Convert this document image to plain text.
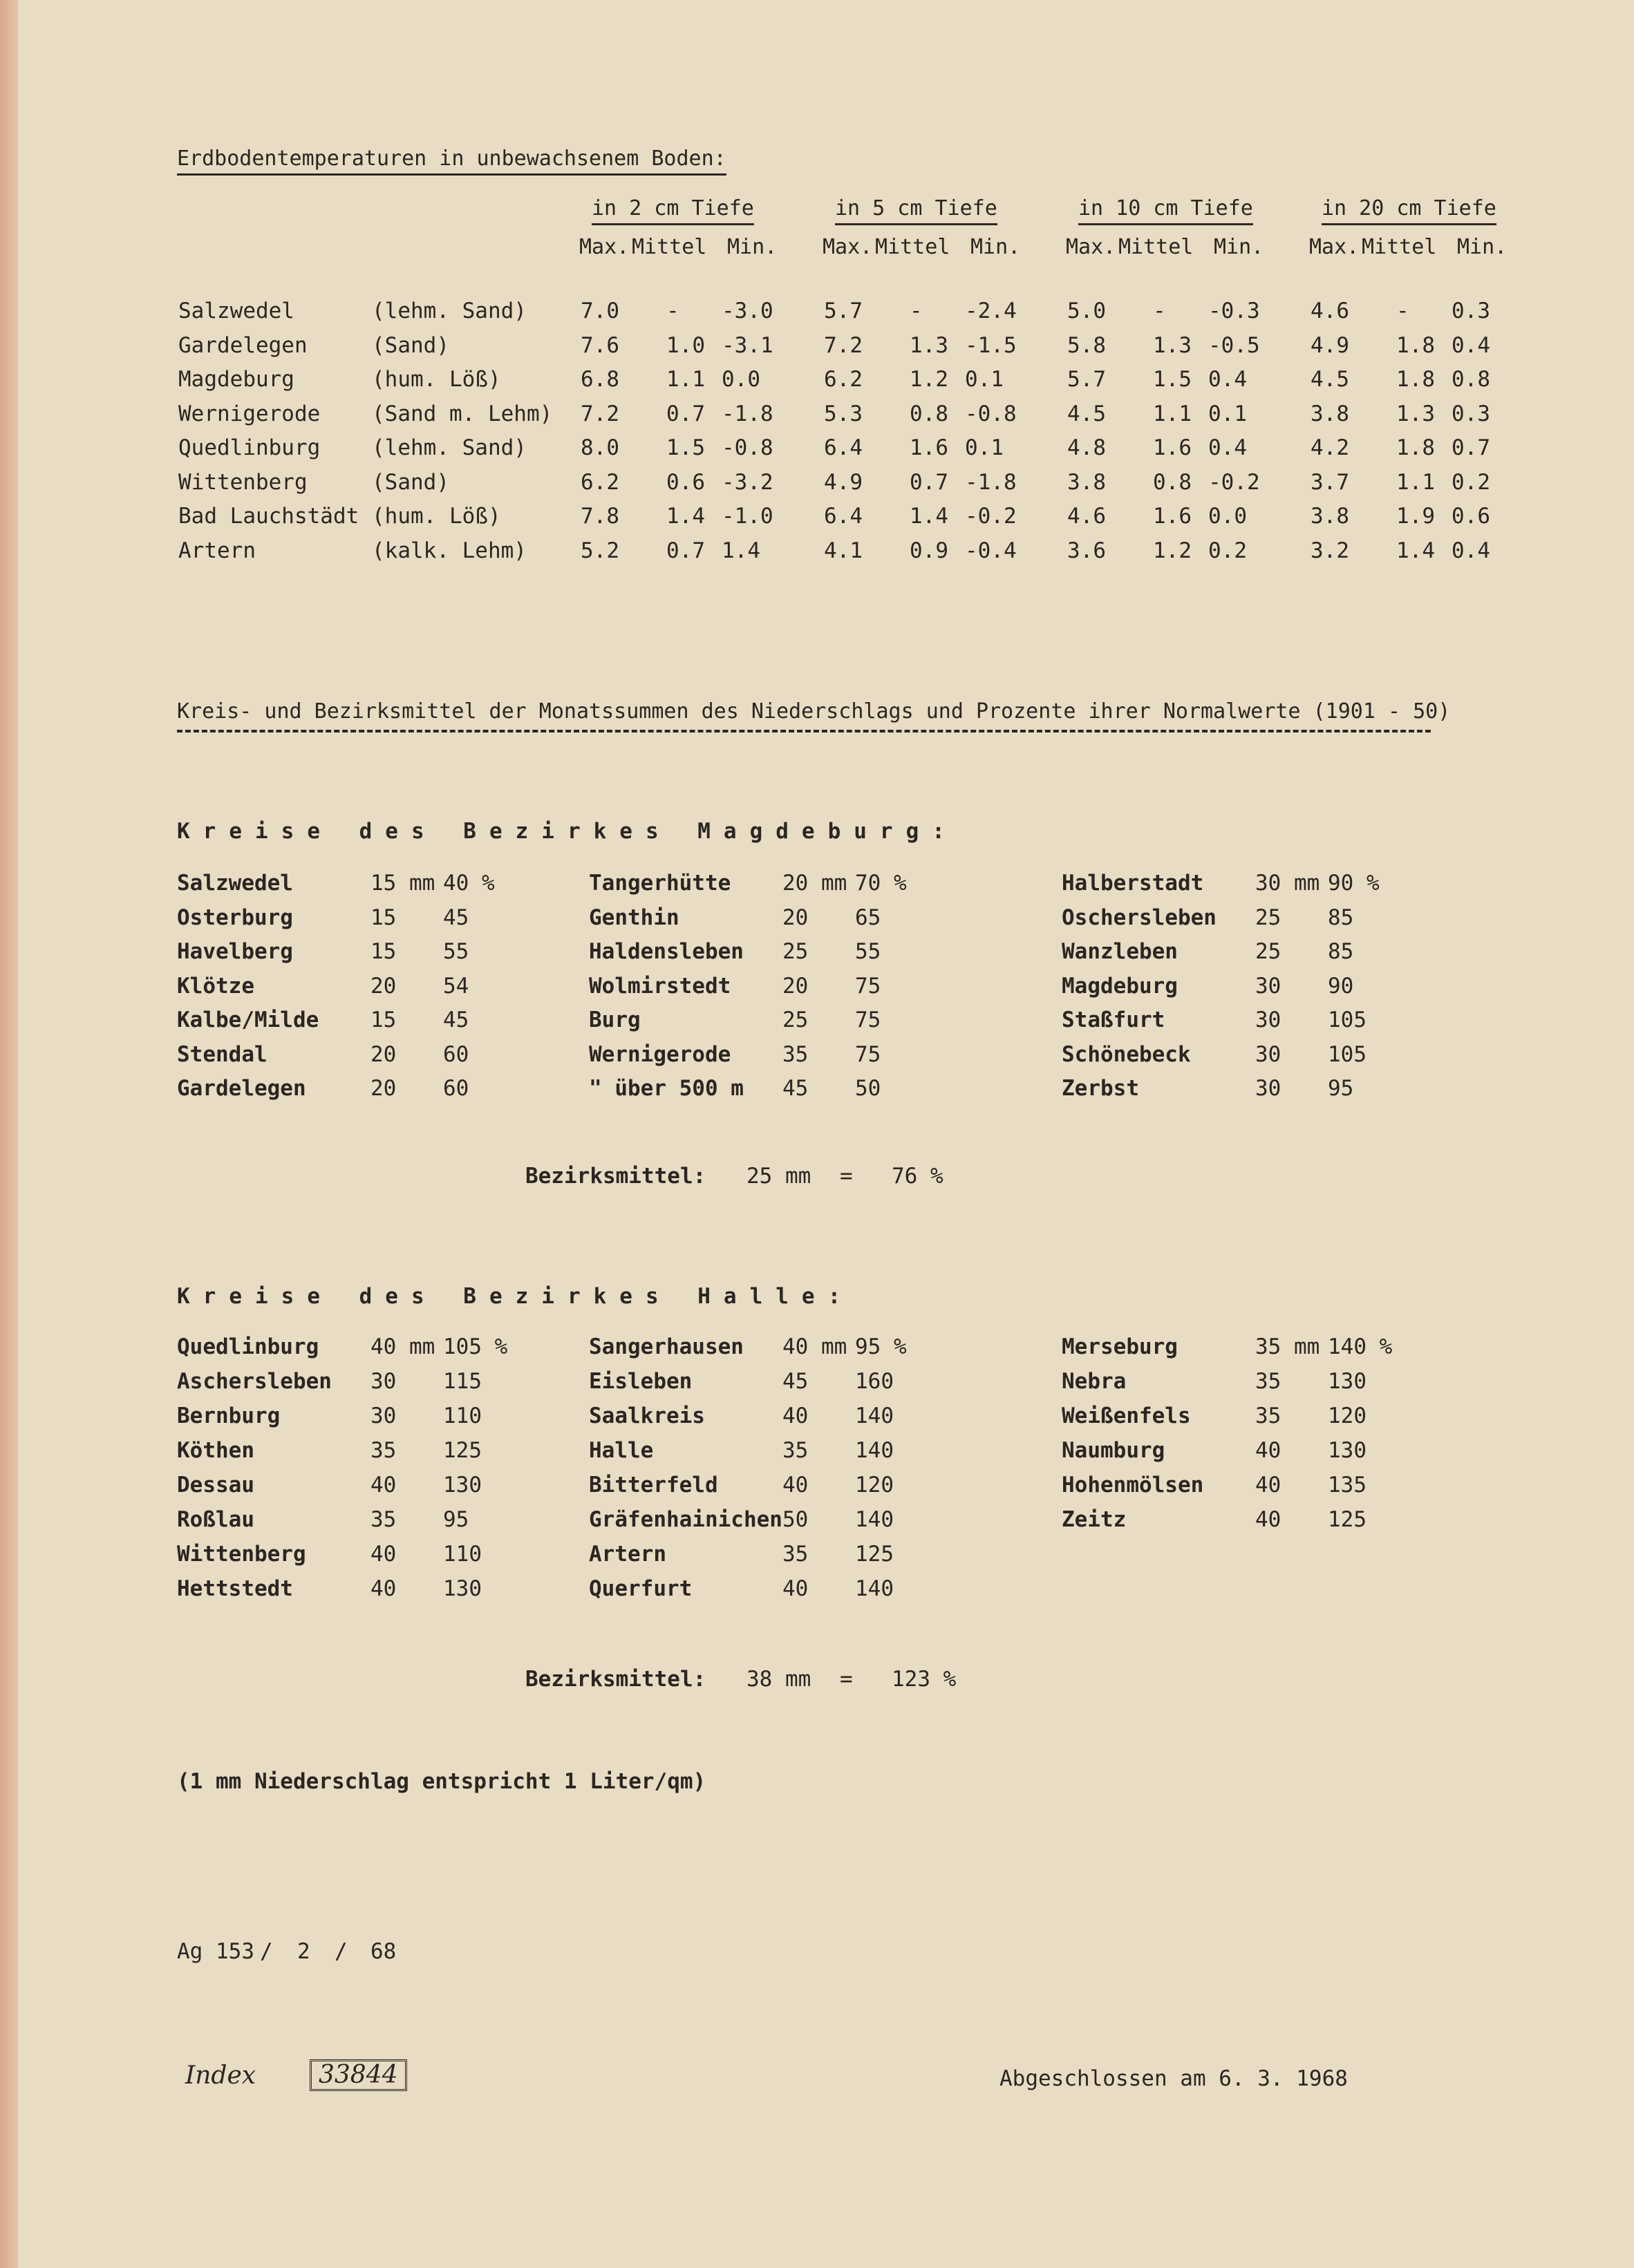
Erdbodentemperaturen in unbewachsenem Boden:
in 2 cm Tiefe	in 5 cm Tiefe	in 10 cm Tiefe	in 20 cm Tiefe
Max. Mittel Min. Max. Mittel Min. Max. Mittel Min. Max. Mittel Min.
Salzwedel	(lehm. Sand)	7.0 - -3.0 5.7 - -2.4 5.0 - -0.3 4.6 - 0.3
Gardelegen	(Sand)	7.6 1.0 -3.1 7.2 1.3 -1.5 5.8 1.3 -0.5 4.9 1.8 0.4
Magdeburg	(hum. Löß)	6.8 1.1 0.0	6.2 1.2 0.1	5.7 1.5 0.4	4.5 1.8 0.8
Wernigerode (Sand m. Lehm) 7.2 0.7 -1.8 5.3 0.8 -0.8 4.5 1.1 0.1	3.8 1.3 0.3
Quedlinburg (lehm. Sand)	8.0 1.5 -0.8 6.4 1.6 0.1	4.8 1.6 0.4	4.2 1.8 0.7
Wittenberg	(Sand)	6.2 0.6 -3.2 4.9 0.7 -1.8 3.8 0.8 -0.2 3.7 1.1 0.2
Bad Lauchstädt (hum. Löß)	7.8 1.4 -1.0 6.4 1.4 -0.2 4.6 1.6 0.0	3.8 1.9 0.6
Artern	(kalk. Lehm)	5.2 0.7 1.4	4.1 0.9 -0.4 3.6 1.2 0.2	3.2 1.4 0.4
Kreis- und Bezirksmittel der Monatssummen des Niederschlags und Prozente ihrer Normalwerte (1901 - 50)
Kreise des Bezirkes Magdeburg:
Salzwedel	15 mm 40 %
Osterburg	15 45
Havelberg	15 55
Klötze	20 54
Kalbe/Milde 15 45
Stendal	20 60
Gardelegen	20 60
Tangerhütte 20 mm 70 %
Genthin	20 65
Haldensleben 25 55
Wolmirstedt 20 75
Burg	25 75
Wernigerode 35 75
" über 500 m 45 50
Halberstadt 30 mm 90 %
Oschersleben 25 85
Wanzleben	25 85
Magdeburg	30 90
Staßfurt	30 105
Schönebeck	30 105
Zerbst	30 95
Bezirksmittel: 25 mm = 76 %
Kreise des Bezirkes Halle:
Quedlinburg 40 mm 105 %
Aschersleben 30 115
Bernburg	30 110
Köthen	35 125
Dessau	40 130
Roßlau	35 95
Wittenberg	40 110
Hettstedt	40 130
Sangerhausen 40 mm 95 %
Eisleben	45 160
Saalkreis	40 140
Halle	35 140
Bitterfeld	40 120
Gräfenhainichen 50 140
Artern	35 125
Querfurt	40 140
Merseburg	35 mm 140 %
Nebra	35 130
Weißenfels	35 120
Naumburg	40 130
Hohenmölsen 40 135
Zeitz	40 125
Bezirksmittel: 38 mm = 123 %
(1 mm Niederschlag entspricht 1 Liter/qm)
Ag 153 / 2 / 68
Index	33844	Abgeschlossen am 6. 3. 1968
